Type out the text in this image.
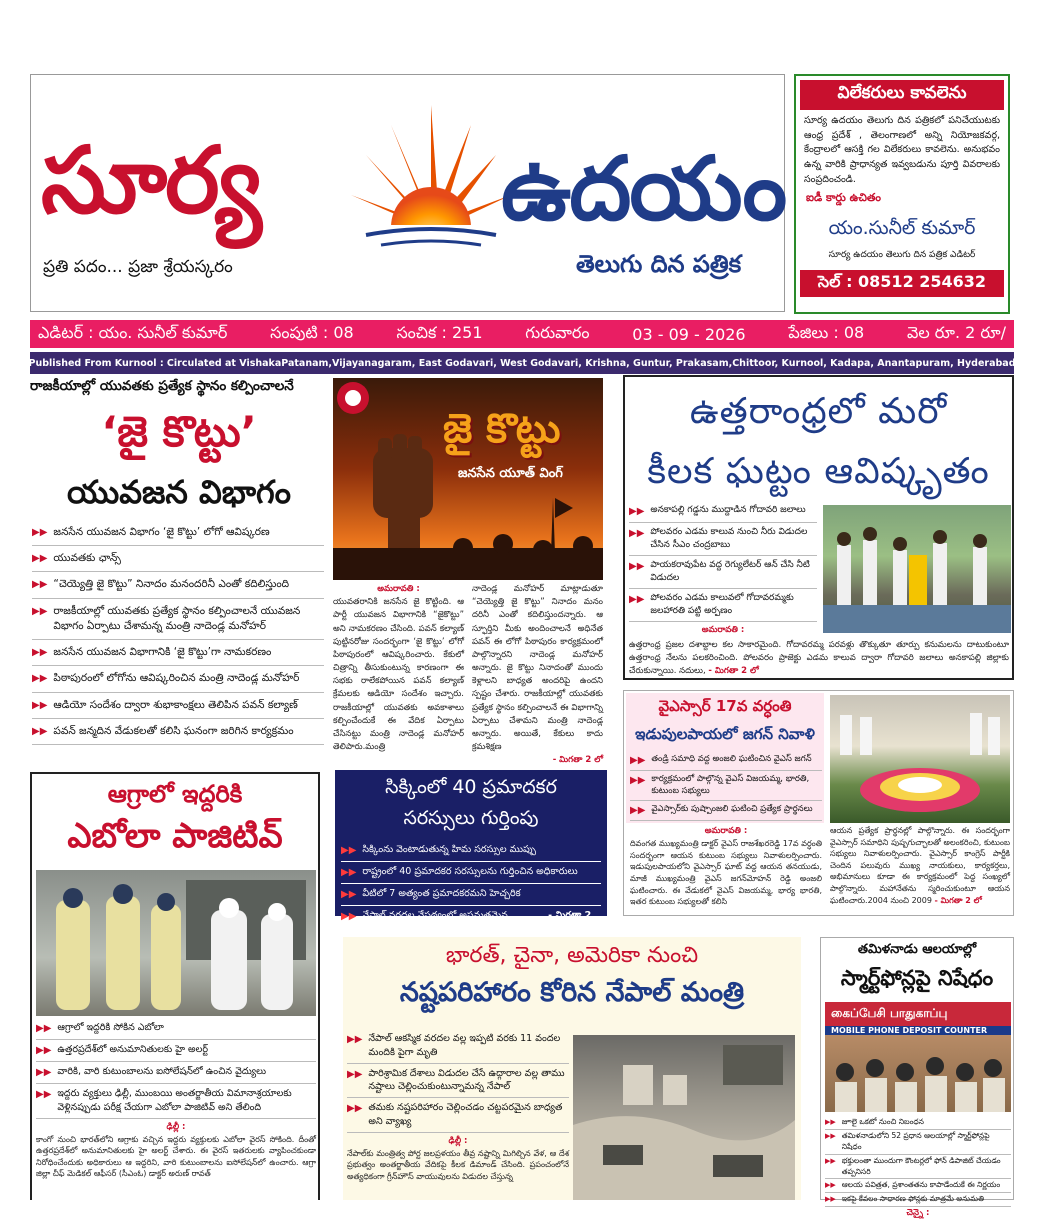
సూర్య	ఉదయం
ప్రతి పదం... ప్రజా శ్రేయస్కరం	తెలుగు దిన పత్రిక
విలేకరులు కావలెను
సూర్య ఉదయం తెలుగు దిన పత్రికలో పనిచేయుటకు ఆంధ్ర ప్రదేశ్ , తెలంగాణలో అన్ని నియోజకవర్గ, కేంద్రాలలో ఆసక్తి గల విలేకరులు కావలెను. అనుభవం ఉన్న వారికి ప్రాధాన్యత ఇవ్వబడును పూర్తి వివరాలకు సంప్రదించండి.
ఐడీ కార్డు ఉచితం
యం.సునీల్ కుమార్
సూర్య ఉదయం తెలుగు దిన పత్రిక ఎడిటర్
సెల్ : 08512 254632
ఎడిటర్ : యం. సునీల్ కుమార్	సంపుటి : 08	సంచిక : 251	గురువారం	03 - 09 - 2026	పేజిలు : 08	వెల రూ. 2 రూ/
Published From Kurnool : Circulated at VishakaPatanam,Vijayanagaram, East Godavari, West Godavari, Krishna, Guntur, Prakasam,Chittoor, Kurnool, Kadapa, Anantapuram, Hyderabad
రాజకీయాల్లో యువతకు ప్రత్యేక స్థానం కల్పించాలనే
‘జై కొట్టు’
యువజన విభాగం
▶▶ జనసేన యువజన విభాగం ‘జై కొట్టు’ లోగో ఆవిష్కరణ
▶▶ యువతకు ఛాన్స్
▶▶ “చెయ్యెత్తి జై కొట్టు” నినాదం మనందరినీ ఎంతో కదిలిస్తుంది
▶▶ రాజకీయాల్లో యువతకు ప్రత్యేక స్థానం కల్పించాలనే యువజన విభాగం ఏర్పాటు చేశామన్న మంత్రి నాదెండ్ల మనోహర్
▶▶ జనసేన యువజన విభాగానికి ‘జై కొట్టు’గా నామకరణం
▶▶ పిఠాపురంలో లోగోను ఆవిష్కరించిన మంత్రి నాదెండ్ల మనోహర్
▶▶ ఆడియో సందేశం ద్వారా శుభాకాంక్షలు తెలిపిన పవన్ కల్యాణ్
▶▶ పవన్ జన్మదిన వేడుకలతో కలిసి ఘనంగా జరిగిన కార్యక్రమం
జై కొట్టు
జనసేన యూత్ వింగ్
అమరావతి :
యువతరానికి జనసేన జై కొట్టింది. ఆ పార్టీ యువజన విభాగానికి “జైకొట్టు” అని నామకరణం చేసింది. పవన్ కల్యాణ్ పుట్టినరోజు సందర్భంగా ‘జై కొట్టు’ లోగో పిఠాపురంలో ఆవిష్కరించారు. కేకులో చిత్రాన్ని తీసుకుంటున్న కారణంగా ఈ సభకు రాలేకపోయిన పవన్ కల్యాణ్ క్రేమలకు ఆడియో సందేశం ఇచ్చారు. రాజకీయాల్లో యువతకు అవకాశాలు కల్పించేందుకే ఈ వేదిక ఏర్పాటు చేసినట్టు మంత్రి నాదెండ్ల మనోహర్ తెలిపారు.మంత్రి
నాదెండ్ల మనోహర్ మాట్లాడుతూ “చెయ్యెత్తి జై కొట్టు” నినాదం మనం దరినీ ఎంతో కదిలిస్తుందన్నారు. ఆ స్ఫూర్తిని మీకు అందించాలనే అధినేత పవన్ ఈ లోగో పిఠాపురం కార్యక్రమంలో పాల్గొన్నారని నాదెండ్ల మనోహర్ అన్నారు. జై కొట్టు నినాదంతో ముందు కెళ్లాలని బాధ్యత అందరిపై ఉందని స్పష్టం చేశారు. రాజకీయాల్లో యువతకు ప్రత్యేక స్థానం కల్పించాలనే ఈ విభాగాన్ని ఏర్పాటు చేశామని మంత్రి నాదెండ్ల అన్నారు. అయితే, కేకులు కాదు క్రమశిక్షణ
- మిగతా 2 లో
ఉత్తరాంధ్రలో మరో
కీలక ఘట్టం ఆవిష్కృతం
▶▶ అనకాపల్లి గడ్డను ముద్దాడిన గోదావరి జలాలు
▶▶ పోలవరం ఎడమ కాలువ నుంచి నీరు విడుదల చేసిన సీఎం చంద్రబాబు
▶▶ పాయకరావుపేట వద్ద రెగ్యులేటర్ ఆన్ చేసి నీటి విడుదల
▶▶ పోలవరం ఎడమ కాలువలో గోదావరమ్మకు జలహారతి పట్టి అర్పణం
అమరావతి :
ఉత్తరాంధ్ర ప్రజల దశాబ్దాల కల సాకారమైంది. గోదావరమ్మ పరవళ్లు తొక్కుతూ తూర్పు కనుమలను దాటుకుంటూ ఉత్తరాంధ్ర నేలను పలకరించింది. పోలవరం ప్రాజెక్టు ఎడమ కాలువ ద్వారా గోదావరి జలాలు అనకాపల్లి జిల్లాకు చేరుకున్నాయి. నదులు, - మిగతా 2 లో
వైఎస్సార్ 17వ వర్ధంతి
ఇడుపులపాయలో జగన్ నివాళి
▶▶ తండ్రి సమాధి వద్ద అంజలి ఘటించిన వైఎస్ జగన్
▶▶ కార్యక్రమంలో పాల్గొన్న వైఎస్ విజయమ్మ, భారతి, కుటుంబ సభ్యులు
▶▶ వైఎస్సార్‌కు పుష్పాంజలి ఘటించి ప్రత్యేక ప్రార్థనలు
అమరావతి :
దివంగత ముఖ్యమంత్రి డాక్టర్ వైఎస్ రాజశేఖరరెడ్డి 17వ వర్ధంతి సందర్భంగా ఆయన కుటుంబ సభ్యులు నివాళులర్పించారు. ఇడుపులపాయలోని వైఎస్సార్ ఘాట్ వద్ద ఆయన తనయుడు, మాజీ ముఖ్యమంత్రి వైఎస్ జగన్‌మోహన్ రెడ్డి అంజలి ఘటించారు. ఈ వేడుకలో వైఎస్ విజయమ్మ, భార్య భారతి, ఇతర కుటుంబ సభ్యులతో కలిసి
ఆయన ప్రత్యేక ప్రార్థనల్లో పాల్గొన్నారు. ఈ సందర్భంగా వైఎస్సార్ సమాధిని పుష్పగుచ్ఛాలతో అలంకరించి, కుటుంబ సభ్యులు నివాళులర్పించారు. వైఎస్సార్ కాంగ్రెస్ పార్టీకి చెందిన పలువురు ముఖ్య నాయకులు, కార్యకర్తలు, అభిమానులు కూడా ఈ కార్యక్రమంలో పెద్ద సంఖ్యలో పాల్గొన్నారు. మహానేతను స్మరించుకుంటూ ఆయన ఘటించారు.2004 నుంచి 2009 - మిగతా 2 లో
ఆగ్రాలో ఇద్దరికి
ఎబోలా పాజిటివ్
▶▶ ఆగ్రాలో ఇద్దరికి సోకిన ఎబోలా
▶▶ ఉత్తరప్రదేశ్‌లో అనుమానితులకు హై అలర్ట్
▶▶ వారికి, వారి కుటుంబాలను ఐసోలేషన్‌లో ఉంచిన వైద్యులు
▶▶ ఇద్దరు వ్యక్తులు ఢిల్లీ, ముంబయి అంతర్జాతీయ విమానాశ్రయాలకు వెళ్లినప్పుడు పరీక్ష చేయగా ఎబోలా పాజిటివ్ అని తేలింది
ఢిల్లీ :
కాంగో నుంచి భారత్‌లోని ఆగ్రాకు వచ్చిన ఇద్దరు వ్యక్తులకు ఎబోలా వైరస్ సోకింది. దీంతో ఉత్తరప్రదేశ్‌లో అనుమానితులకు హై అలర్ట్ చేశారు. ఈ వైరస్ ఇతరులకు వ్యాపించకుండా నిరోధించేందుకు అధికారులు ఆ ఇద్దరిని, వారి కుటుంబాలను ఐసోలేషన్‌లో ఉంచారు. ఆగ్రా జిల్లా చీఫ్ మెడికల్ ఆఫీసర్ (సీఎంఓ) డాక్టర్ అరుణ్ రావత్
సిక్కింలో 40 ప్రమాదకర
సరస్సులు గుర్తింపు
▶▶ సిక్కింను వెంటాడుతున్న హిమ సరస్సుల ముప్పు
▶▶ రాష్ట్రంలో 40 ప్రమాదకర సరస్సులను గుర్తించిన అధికారులు
▶▶ వీటిలో 7 అత్యంత ప్రమాదకరమని హెచ్చరిక
▶▶ నేపాల్ వరదల నేపథ్యంలో అప్రమత్తమైన యంత్రాంగం
- మిగతా 2 లో
భారత్, చైనా, అమెరికా నుంచి
నష్టపరిహారం కోరిన నేపాల్ మంత్రి
▶▶ నేపాల్ ఆకస్మిక వరదల వల్ల ఇప్పటి వరకు 11 వందల మందికి పైగా మృతి
▶▶ పారిశ్రామిక దేశాలు విడుదల చేసే ఉద్గారాల వల్ల తాము నష్టాలు చెల్లించుకుంటున్నామన్న నేపాల్
▶▶ తమకు నష్టపరిహారం చెల్లించడం చట్టపరమైన బాధ్యత అని వ్యాఖ్య
ఢిల్లీ :
నేపాల్‌కు మంత్రిత్వ పోర్ట జలప్రళయం తీవ్ర నష్టాన్ని మిగిల్చిన వేళ, ఆ దేశ ప్రభుత్వం అంతర్జాతీయ వేదికపై కీలక డిమాండ్ చేసింది. ప్రపంచంలోనే అత్యధికంగా గ్రీన్‌హౌస్ వాయువులను విడుదల చేస్తున్న
తమిళనాడు ఆలయాల్లో
స్మార్ట్‌ఫోన్లపై నిషేధం
கைப்பேசி பாதுகாப்பு
MOBILE PHONE DEPOSIT COUNTER
▶▶ జూలై ఒకటో నుంచి నిబంధన
▶▶ తమిళనాడులోని 52 ప్రధాన ఆలయాల్లో స్మార్ట్‌ఫోన్లపై నిషేధం
▶▶ భక్తులంతా ముందుగా కౌంటర్లలో ఫోన్ డిపాజిట్ చేయడం తప్పనిసరి
▶▶ ఆలయ పవిత్రత, ప్రశాంతతను కాపాడేందుకే ఈ నిర్ణయం
▶▶ ఇకపై కేవలం సాధారణ ఫోన్లకు మాత్రమే అనుమతి
చెన్నై :
